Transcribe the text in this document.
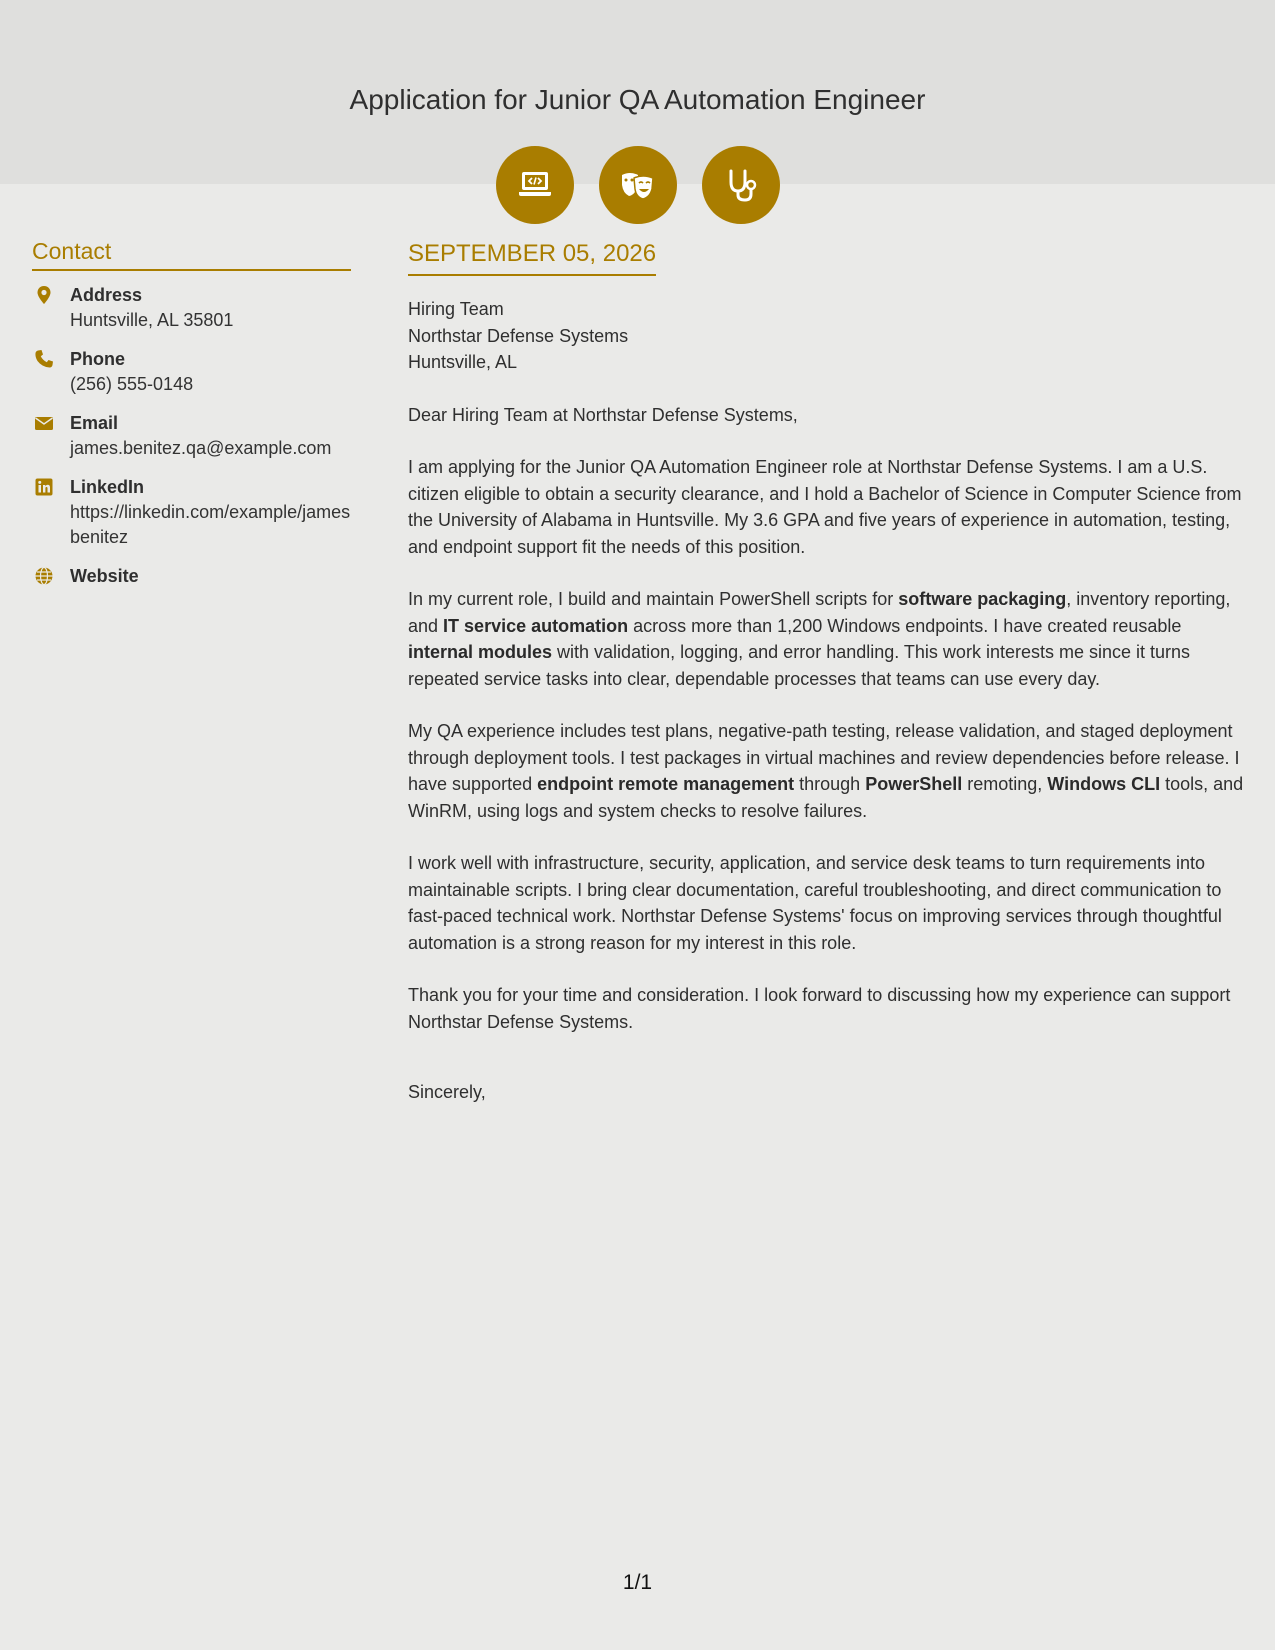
Application for Junior QA Automation Engineer
Contact
Address
Huntsville, AL 35801
Phone
(256) 555-0148
Email
james.benitez.qa@example.com
LinkedIn
https://linkedin.com/example/jamesbenitez
Website
SEPTEMBER 05, 2026

Hiring Team

Northstar Defense Systems

Huntsville, AL

Dear Hiring Team at Northstar Defense Systems,

I am applying for the Junior QA Automation Engineer role at Northstar Defense Systems. I am a U.S. citizen eligible to obtain a security clearance, and I hold a Bachelor of Science in Computer Science from the University of Alabama in Huntsville. My 3.6 GPA and five years of experience in automation, testing, and endpoint support fit the needs of this position.

In my current role, I build and maintain PowerShell scripts for software packaging, inventory reporting, and IT service automation across more than 1,200 Windows endpoints. I have created reusable internal modules with validation, logging, and error handling. This work interests me since it turns repeated service tasks into clear, dependable processes that teams can use every day.

My QA experience includes test plans, negative-path testing, release validation, and staged deployment through deployment tools. I test packages in virtual machines and review dependencies before release. I have supported endpoint remote management through PowerShell remoting, Windows CLI tools, and WinRM, using logs and system checks to resolve failures.

I work well with infrastructure, security, application, and service desk teams to turn requirements into maintainable scripts. I bring clear documentation, careful troubleshooting, and direct communication to fast-paced technical work. Northstar Defense Systems' focus on improving services through thoughtful automation is a strong reason for my interest in this role.

Thank you for your time and consideration. I look forward to discussing how my experience can support Northstar Defense Systems.

Sincerely,

1/1
